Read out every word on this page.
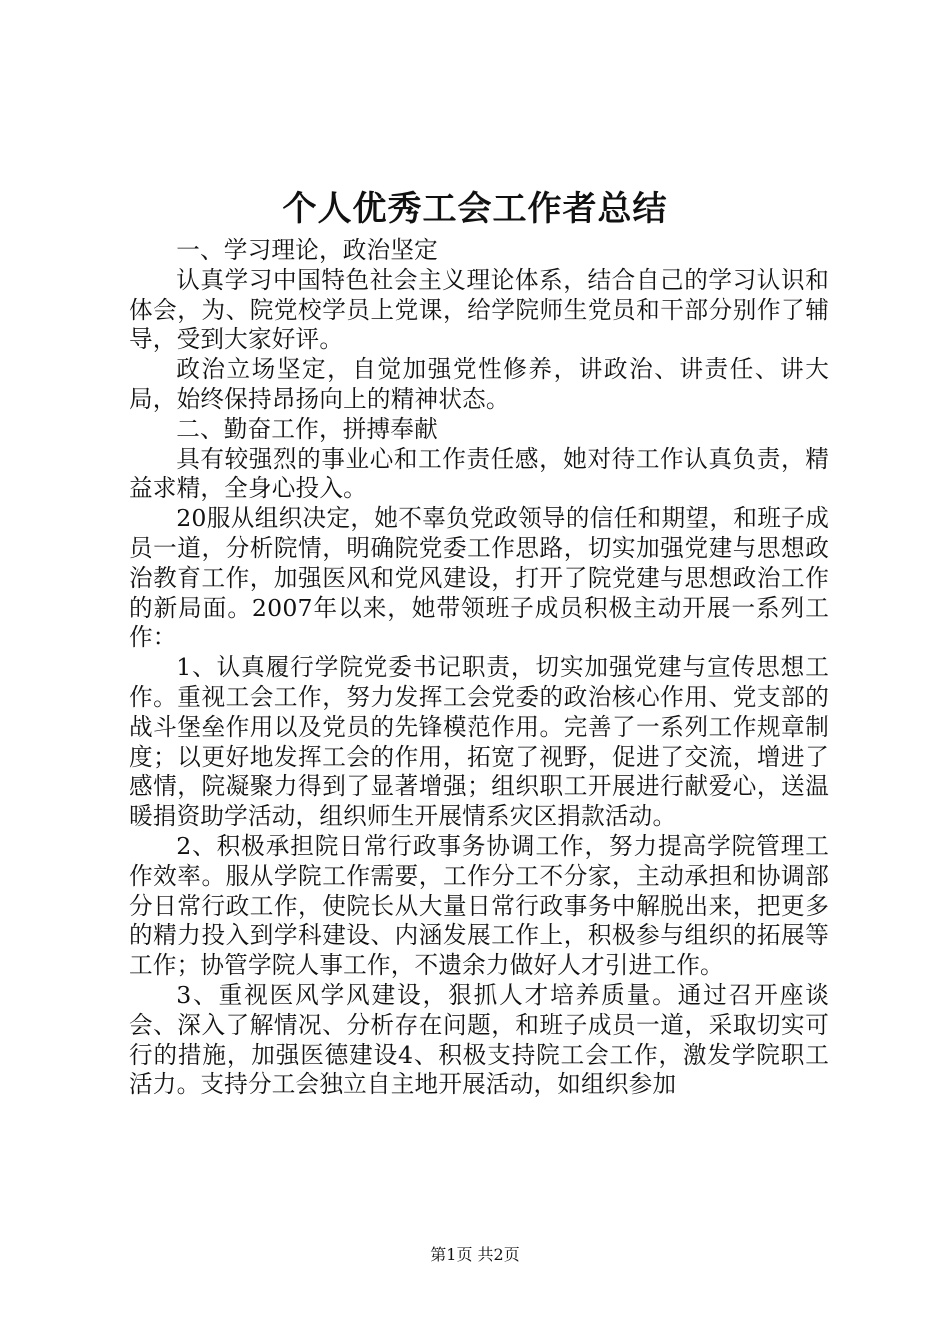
个人优秀工会工作者总结

一、学习理论，政治坚定

认真学习中国特色社会主义理论体系，结合自己的学习认识和体会，为、院党校学员上党课，给学院师生党员和干部分别作了辅导，受到大家好评。

政治立场坚定，自觉加强党性修养，讲政治、讲责任、讲大局，始终保持昂扬向上的精神状态。

二、勤奋工作，拼搏奉献

具有较强烈的事业心和工作责任感，她对待工作认真负责，精益求精，全身心投入。

20服从组织决定，她不辜负党政领导的信任和期望，和班子成员一道，分析院情，明确院党委工作思路，切实加强党建与思想政治教育工作，加强医风和党风建设，打开了院党建与思想政治工作的新局面。2007年以来，她带领班子成员积极主动开展一系列工作：

1、认真履行学院党委书记职责，切实加强党建与宣传思想工作。重视工会工作，努力发挥工会党委的政治核心作用、党支部的战斗堡垒作用以及党员的先锋模范作用。完善了一系列工作规章制度；以更好地发挥工会的作用，拓宽了视野，促进了交流，增进了感情，院凝聚力得到了显著增强；组织职工开展进行献爱心，送温暖捐资助学活动，组织师生开展情系灾区捐款活动。

2、积极承担院日常行政事务协调工作，努力提高学院管理工作效率。服从学院工作需要，工作分工不分家，主动承担和协调部分日常行政工作，使院长从大量日常行政事务中解脱出来，把更多的精力投入到学科建设、内涵发展工作上，积极参与组织的拓展等工作；协管学院人事工作，不遗余力做好人才引进工作。

3、重视医风学风建设，狠抓人才培养质量。通过召开座谈会、深入了解情况、分析存在问题，和班子成员一道，采取切实可行的措施，加强医德建设4、积极支持院工会工作，激发学院职工活力。支持分工会独立自主地开展活动，如组织参加

第1页 共2页
